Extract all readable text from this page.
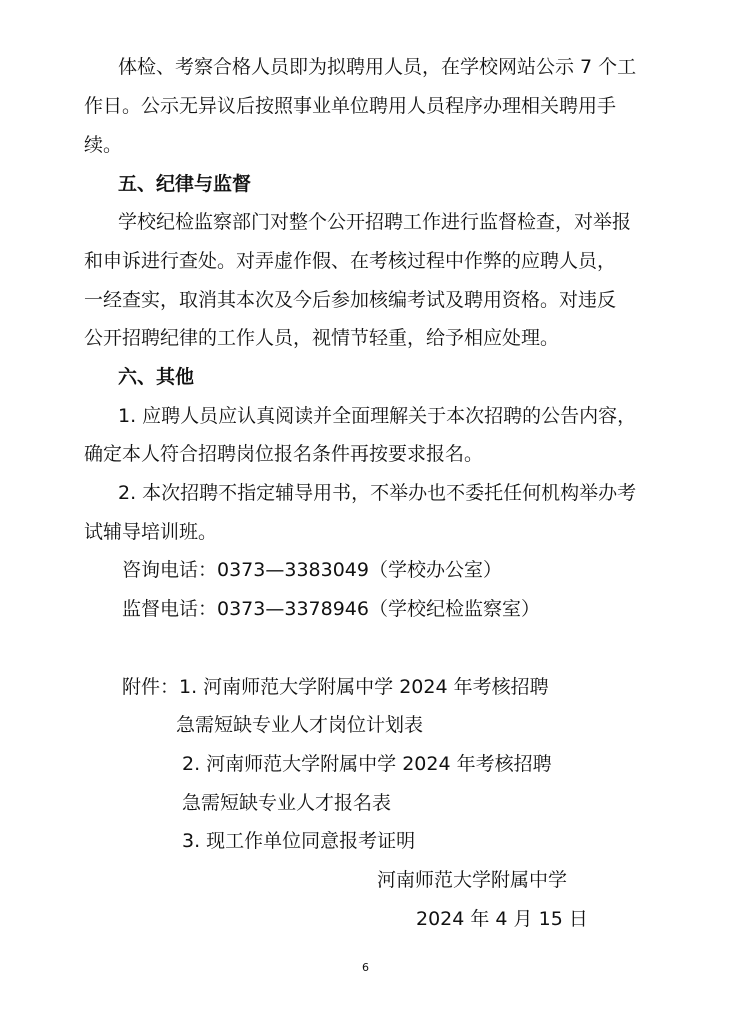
体检、考察合格人员即为拟聘用人员，在学校网站公示 7 个工
作日。公示无异议后按照事业单位聘用人员程序办理相关聘用手
续。
五、纪律与监督
学校纪检监察部门对整个公开招聘工作进行监督检查，对举报
和申诉进行查处。对弄虚作假、在考核过程中作弊的应聘人员，
一经查实，取消其本次及今后参加核编考试及聘用资格。对违反
公开招聘纪律的工作人员，视情节轻重，给予相应处理。
六、其他
1. 应聘人员应认真阅读并全面理解关于本次招聘的公告内容，
确定本人符合招聘岗位报名条件再按要求报名。
2. 本次招聘不指定辅导用书，不举办也不委托任何机构举办考
试辅导培训班。
咨询电话：0373—3383049（学校办公室）
监督电话：0373—3378946（学校纪检监察室）
附件：1. 河南师范大学附属中学 2024 年考核招聘
急需短缺专业人才岗位计划表
2. 河南师范大学附属中学 2024 年考核招聘
急需短缺专业人才报名表
3. 现工作单位同意报考证明
河南师范大学附属中学
2024 年 4 月 15 日
6
